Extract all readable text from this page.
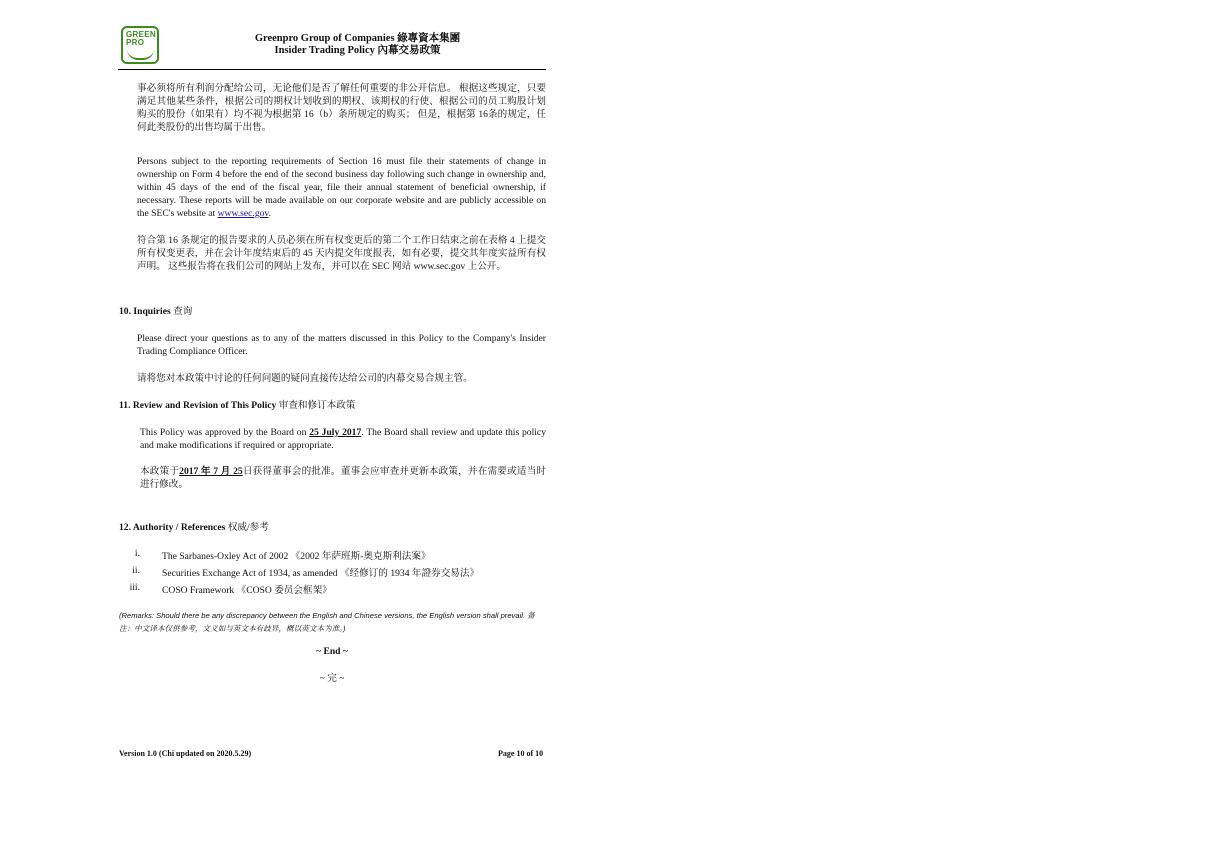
GREEN
PRO	Greenpro Group of Companies 綠專資本集團
Insider Trading Policy 內幕交易政策
事必须将所有利润分配给公司，无论他们是否了解任何重要的非公开信息。 根据这些规定，只要满足其他某些条件，根据公司的期权计划收到的期权、该期权的行使、根据公司的员工购股计划购买的股份（如果有）均不视为根据第 16（b）条所规定的购买； 但是，根据第 16条的规定，任何此类股份的出售均属于出售。
Persons subject to the reporting requirements of Section 16 must file their statements of change in ownership on Form 4 before the end of the second business day following such change in ownership and, within 45 days of the end of the fiscal year, file their annual statement of beneficial ownership, if necessary. These reports will be made available on our corporate website and are publicly accessible on the SEC's website at www.sec.gov.
符合第 16 条规定的报告要求的人员必须在所有权变更后的第二个工作日结束之前在表格 4 上提交所有权变更表，并在会计年度结束后的 45 天内提交年度报表，如有必要，提交其年度实益所有权声明。 这些报告将在我们公司的网站上发布，并可以在 SEC 网站 www.sec.gov 上公开。
10. Inquiries 查询
Please direct your questions as to any of the matters discussed in this Policy to the Company's Insider Trading Compliance Officer.
请将您对本政策中讨论的任何问题的疑问直接传达给公司的内幕交易合规主管。
11. Review and Revision of This Policy 审查和修订本政策
This Policy was approved by the Board on 25 July 2017. The Board shall review and update this policy and make modifications if required or appropriate.
本政策于2017 年 7 月 25日获得董事会的批准。董事会应审查并更新本政策，并在需要或适当时进行修改。
12. Authority / References 权威/参考
i. The Sarbanes-Oxley Act of 2002 《2002 年萨班斯-奥克斯利法案》
ii. Securities Exchange Act of 1934, as amended 《经修订的 1934 年證券交易法》
iii. COSO Framework 《COSO 委员会框架》
(Remarks: Should there be any discrepancy between the English and Chinese versions, the English version shall prevail. 备注：中文译本仅供参考，文义如与英文本有歧异，概以英文本为准。)
~ End ~
~ 完 ~
Version 1.0 (Chi updated on 2020.5.29)	Page 10 of 10
